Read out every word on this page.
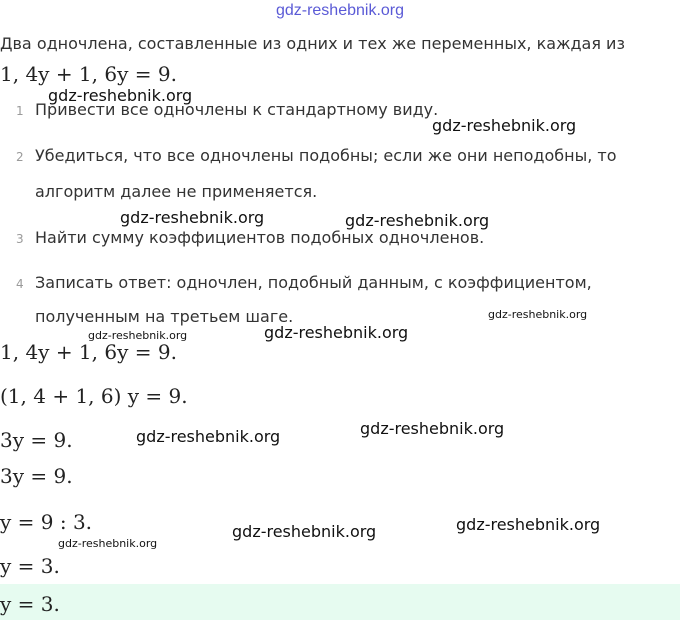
gdz-reshebnik.org
Два одночлена, составленные из одних и тех же переменных, каждая из
1, 4y + 1, 6y = 9.
1 Привести все одночлены к стандартному виду.
2 Убедиться, что все одночлены подобны; если же они неподобны, то
алгоритм далее не применяется.
3 Найти сумму коэффициентов подобных одночленов.
4 Записать ответ: одночлен, подобный данным, с коэффициентом,
полученным на третьем шаге.
1, 4y + 1, 6y = 9.
(1, 4 + 1, 6) y = 9.
3y = 9.
3y = 9.
y = 9 : 3.
y = 3.
y = 3.
gdz-reshebnik.org
gdz-reshebnik.org
gdz-reshebnik.org	gdz-reshebnik.org
gdz-reshebnik.org
gdz-reshebnik.org
gdz-reshebnik.org
gdz-reshebnik.org	gdz-reshebnik.org
gdz-reshebnik.org
gdz-reshebnik.org
gdz-reshebnik.org
